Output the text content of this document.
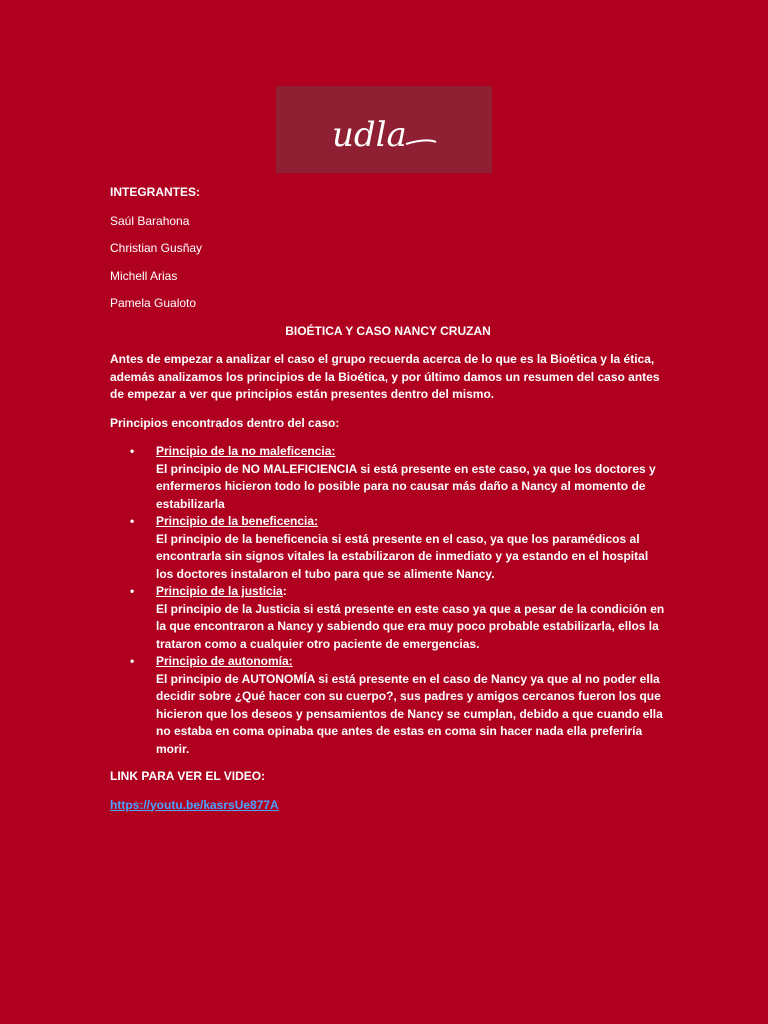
udla

INTEGRANTES:

Saúl Barahona

Christian Gusñay

Michell Arias

Pamela Gualoto

BIOÉTICA Y CASO NANCY CRUZAN

Antes de empezar a analizar el caso el grupo recuerda acerca de lo que es la Bioética y la ética, además analizamos los principios de la Bioética, y por último damos un resumen del caso antes de empezar a ver que principios están presentes dentro del mismo.

Principios encontrados dentro del caso:

• Principio de la no maleficencia:
El principio de NO MALEFICIENCIA si está presente en este caso, ya que los doctores y enfermeros hicieron todo lo posible para no causar más daño a Nancy al momento de estabilizarla
• Principio de la beneficencia:
El principio de la beneficencia si está presente en el caso, ya que los paramédicos al encontrarla sin signos vitales la estabilizaron de inmediato y ya estando en el hospital los doctores instalaron el tubo para que se alimente Nancy.
• Principio de la justicia:
El principio de la Justicia si está presente en este caso ya que a pesar de la condición en la que encontraron a Nancy y sabiendo que era muy poco probable estabilizarla, ellos la trataron como a cualquier otro paciente de emergencias.
• Principio de autonomía:
El principio de AUTONOMÍA si está presente en el caso de Nancy ya que al no poder ella decidir sobre ¿Qué hacer con su cuerpo?, sus padres y amigos cercanos fueron los que hicieron que los deseos y pensamientos de Nancy se cumplan, debido a que cuando ella no estaba en coma opinaba que antes de estas en coma sin hacer nada ella preferiría morir.

LINK PARA VER EL VIDEO:

https://youtu.be/kasrsUe877A
